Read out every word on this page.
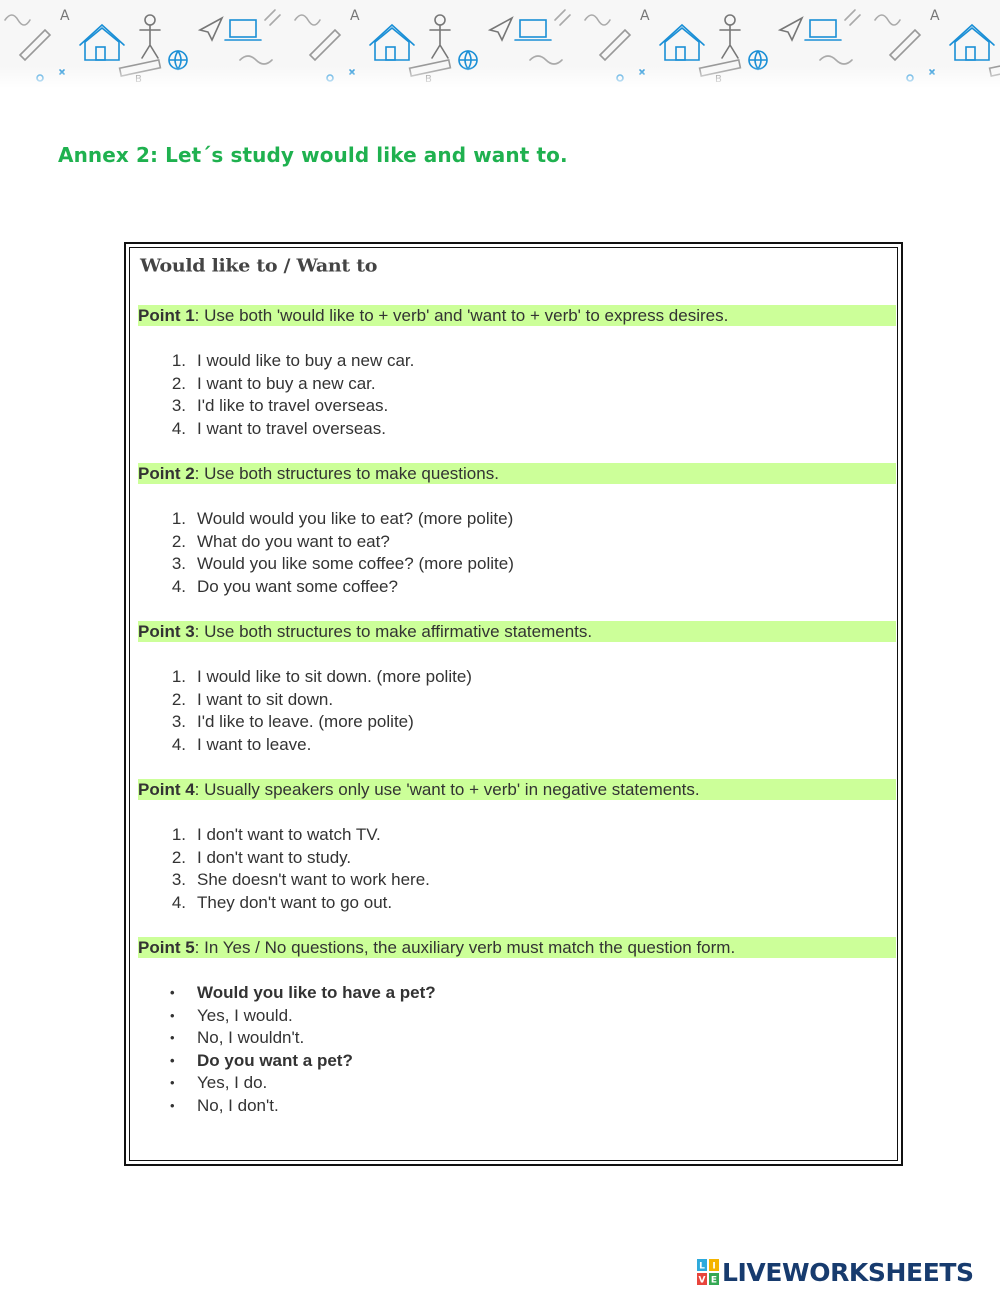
Annex 2: Let´s study would like and want to.
Would like to / Want to
Point 1: Use both 'would like to + verb' and 'want to + verb' to express desires.
1. I would like to buy a new car.
2. I want to buy a new car.
3. I'd like to travel overseas.
4. I want to travel overseas.
Point 2: Use both structures to make questions.
1. Would would you like to eat? (more polite)
2. What do you want to eat?
3. Would you like some coffee? (more polite)
4. Do you want some coffee?
Point 3: Use both structures to make affirmative statements.
1. I would like to sit down. (more polite)
2. I want to sit down.
3. I'd like to leave. (more polite)
4. I want to leave.
Point 4: Usually speakers only use 'want to + verb' in negative statements.
1. I don't want to watch TV.
2. I don't want to study.
3. She doesn't want to work here.
4. They don't want to go out.
Point 5: In Yes / No questions, the auxiliary verb must match the question form.
•	Would you like to have a pet?
•	Yes, I would.
•	No, I wouldn't.
•	Do you want a pet?
•	Yes, I do.
•	No, I don't.
L I
V E LIVEWORKSHEETS
